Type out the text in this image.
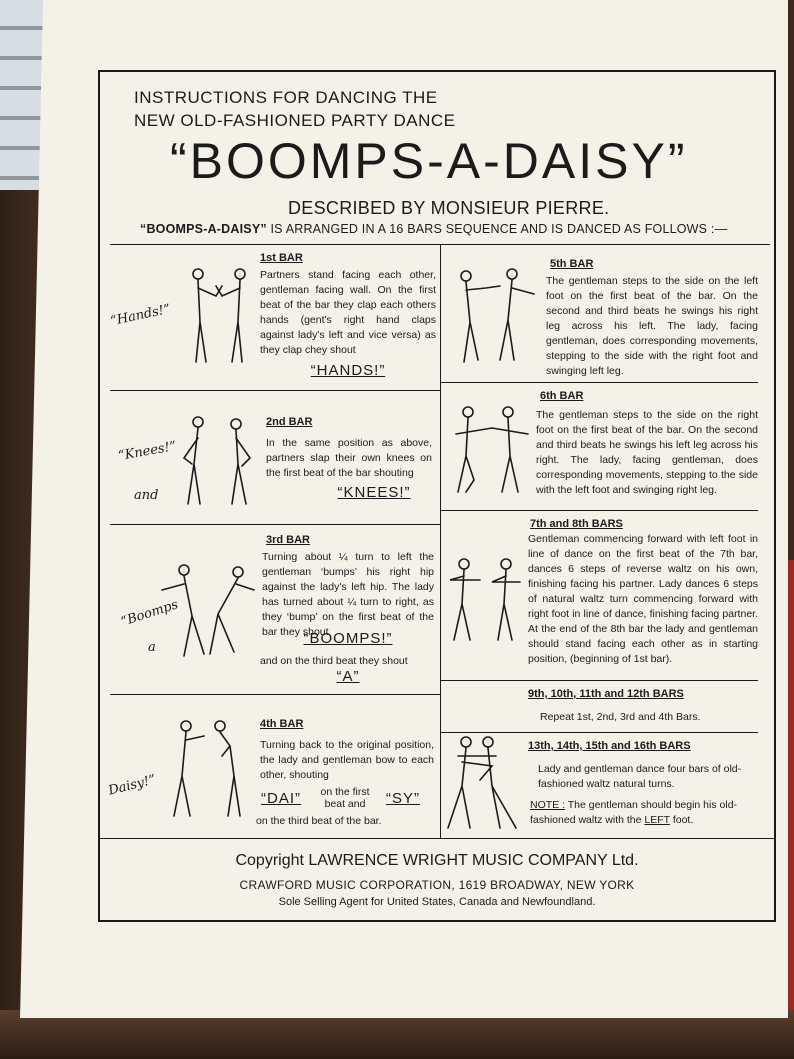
INSTRUCTIONS FOR DANCING THE
NEW OLD-FASHIONED PARTY DANCE
“BOOMPS-A-DAISY”
DESCRIBED BY MONSIEUR PIERRE.
“BOOMPS-A-DAISY” IS ARRANGED IN A 16 BARS SEQUENCE AND IS DANCED AS FOLLOWS :—
1st BAR
Partners stand facing each other, gentleman facing wall. On the first beat of the bar they clap each others hands (gent's right hand claps against lady's left and vice versa) as they clap chey shout
“HANDS!”
“Hands!”
2nd BAR
In the same position as above, partners slap their own knees on the first beat of the bar shouting
“KNEES!”
“Knees!”
and
3rd BAR
Turning about ¼ turn to left the gentleman ‘bumps’ his right hip against the lady's left hip. The lady has turned about ¼ turn to right, as they ‘bump’ on the first beat of the bar they shout
“BOOMPS!”
and on the third beat they shout
“A”
“Boomps
a
4th BAR
Turning back to the original position, the lady and gentleman bow to each other, shouting
“DAI”	on the first beat and	“SY”
on the third beat of the bar.
Daisy!”
5th BAR
The gentleman steps to the side on the left foot on the first beat of the bar. On the second and third beats he swings his right leg across his left. The lady, facing gentleman, does corresponding movements, stepping to the side with the right foot and swinging left leg.
6th BAR
The gentleman steps to the side on the right foot on the first beat of the bar. On the second and third beats he swings his left leg across his right. The lady, facing gentleman, does corresponding movements, stepping to the side with the left foot and swinging right leg.
7th and 8th BARS
Gentleman commencing forward with left foot in line of dance on the first beat of the 7th bar, dances 6 steps of reverse waltz on his own, finishing facing his partner. Lady dances 6 steps of natural waltz turn commencing forward with right foot in line of dance, finishing facing partner. At the end of the 8th bar the lady and gentleman should stand facing each other as in starting position, (beginning of 1st bar).
9th, 10th, 11th and 12th BARS
Repeat 1st, 2nd, 3rd and 4th Bars.
13th, 14th, 15th and 16th BARS
Lady and gentleman dance four bars of old-fashioned waltz natural turns.
NOTE : The gentleman should begin his old-fashioned waltz with the LEFT foot.
Copyright LAWRENCE WRIGHT MUSIC COMPANY Ltd.
CRAWFORD MUSIC CORPORATION, 1619 BROADWAY, NEW YORK
Sole Selling Agent for United States, Canada and Newfoundland.
